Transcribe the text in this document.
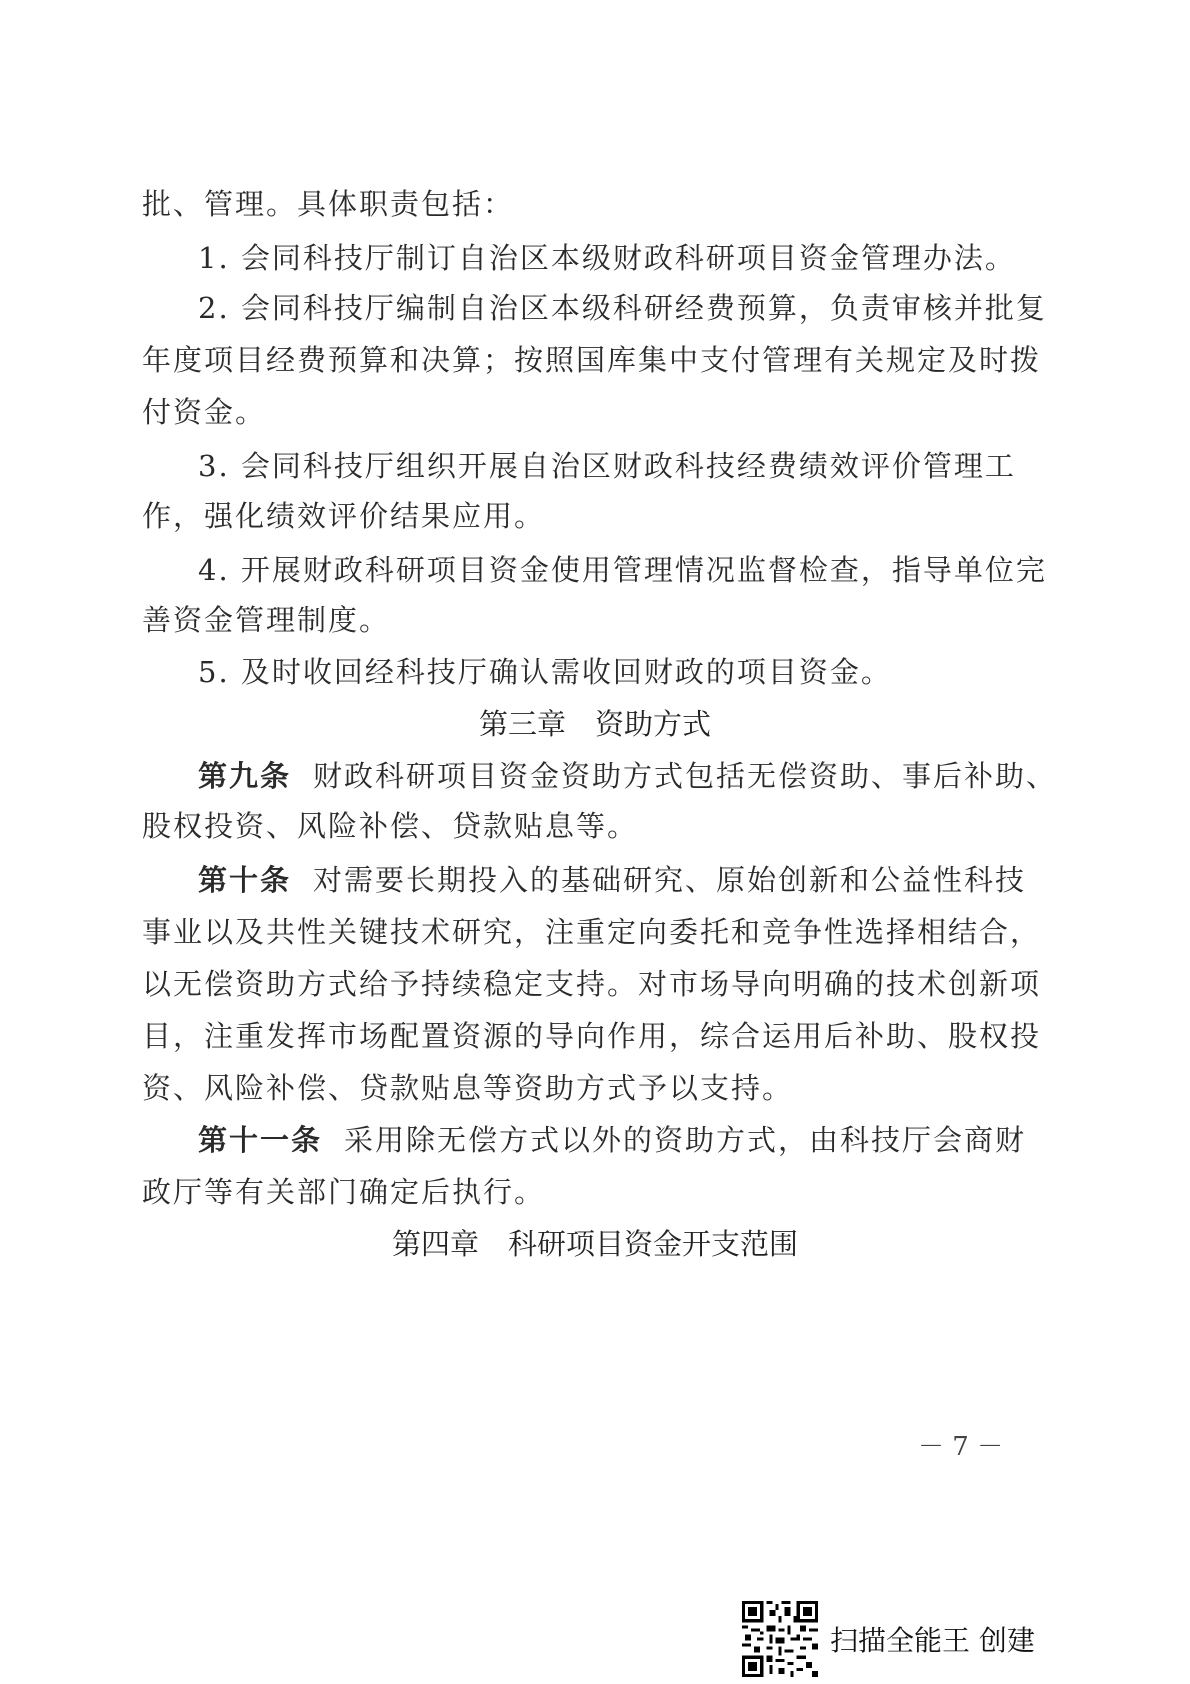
批、管理。具体职责包括：
1. 会同科技厅制订自治区本级财政科研项目资金管理办法。
2. 会同科技厅编制自治区本级科研经费预算，负责审核并批复
年度项目经费预算和决算；按照国库集中支付管理有关规定及时拨
付资金。
3. 会同科技厅组织开展自治区财政科技经费绩效评价管理工
作，强化绩效评价结果应用。
4. 开展财政科研项目资金使用管理情况监督检查，指导单位完
善资金管理制度。
5. 及时收回经科技厅确认需收回财政的项目资金。
第三章　资助方式
第九条 财政科研项目资金资助方式包括无偿资助、事后补助、
股权投资、风险补偿、贷款贴息等。
第十条 对需要长期投入的基础研究、原始创新和公益性科技
事业以及共性关键技术研究，注重定向委托和竞争性选择相结合，
以无偿资助方式给予持续稳定支持。对市场导向明确的技术创新项
目，注重发挥市场配置资源的导向作用，综合运用后补助、股权投
资、风险补偿、贷款贴息等资助方式予以支持。
第十一条 采用除无偿方式以外的资助方式，由科技厅会商财
政厅等有关部门确定后执行。
第四章　科研项目资金开支范围
－ 7 －
扫描全能王 创建
